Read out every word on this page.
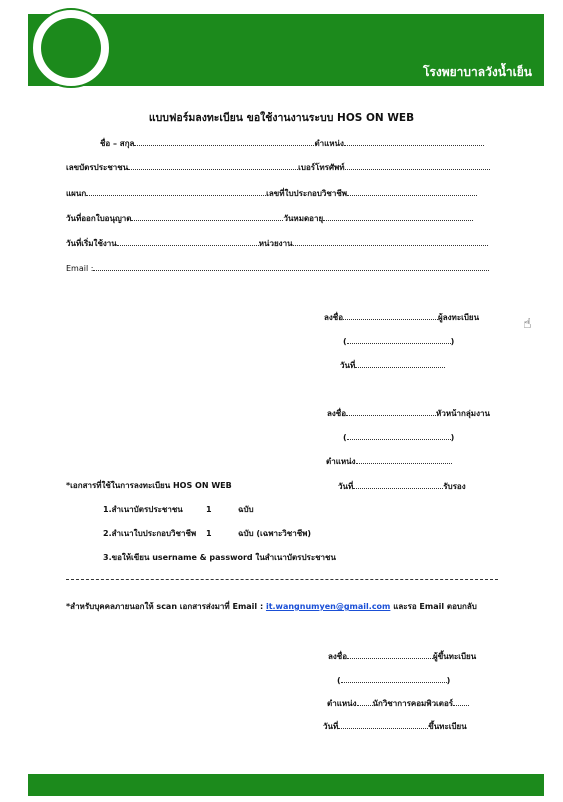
โรงพยาบาลวังน้ำเย็น
แบบฟอร์มลงทะเบียน ขอใช้งานงานระบบ HOS ON WEB
ชื่อ – สกุล	ตำแหน่ง
เลขบัตรประชาชน	เบอร์โทรศัพท์
แผนก	เลขที่ใบประกอบวิชาชีพ
วันที่ออกใบอนุญาต	วันหมดอายุ
วันที่เริ่มใช้งาน	หน่วยงาน
Email :
ลงชื่อ	ผู้ลงทะเบียน
(	)
วันที่
ลงชื่อ	หัวหน้ากลุ่มงาน
(	)
ตำแหน่ง
วันที่	รับรอง
*เอกสารที่ใช้ในการลงทะเบียน HOS ON WEB
1.สำเนาบัตรประชาชน	1	ฉบับ
2.สำเนาใบประกอบวิชาชีพ 1	ฉบับ (เฉพาะวิชาชีพ)
3.ขอให้เขียน username & password ในสำเนาบัตรประชาชน
*สำหรับบุคคลภายนอกให้ scan เอกสารส่งมาที่ Email : it.wangnumyen@gmail.com และรอ Email ตอบกลับ
ลงชื่อ	ผู้ขึ้นทะเบียน
(	)
ตำแหน่ง นักวิชาการคอมพิวเตอร์
วันที่	ขึ้นทะเบียน
☝
